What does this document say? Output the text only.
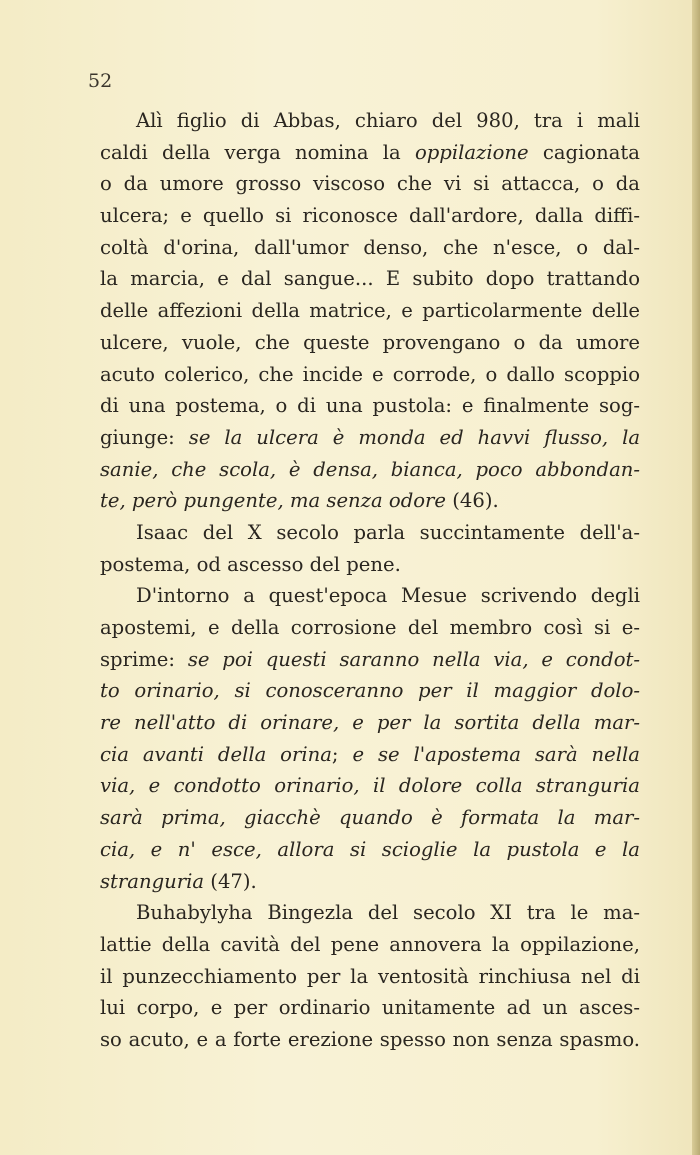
52
Alì figlio di Abbas, chiaro del 980, tra i mali
caldi della verga nomina la oppilazione cagionata
o da umore grosso viscoso che vi si attacca, o da
ulcera; e quello si riconosce dall'ardore, dalla diffi-
coltà d'orina, dall'umor denso, che n'esce, o dal-
la marcia, e dal sangue... E subito dopo trattando
delle affezioni della matrice, e particolarmente delle
ulcere, vuole, che queste provengano o da umore
acuto colerico, che incide e corrode, o dallo scoppio
di una postema, o di una pustola: e finalmente sog-
giunge: se la ulcera è monda ed havvi flusso, la
sanie, che scola, è densa, bianca, poco abbondan-
te, però pungente, ma senza odore (46).
Isaac del X secolo parla succintamente dell'a-
postema, od ascesso del pene.
D'intorno a quest'epoca Mesue scrivendo degli
apostemi, e della corrosione del membro così si e-
sprime: se poi questi saranno nella via, e condot-
to orinario, si conosceranno per il maggior dolo-
re nell'atto di orinare, e per la sortita della mar-
cia avanti della orina; e se l'apostema sarà nella
via, e condotto orinario, il dolore colla stranguria
sarà prima, giacchè quando è formata la mar-
cia, e n' esce, allora si scioglie la pustola e la
stranguria (47).
Buhabylyha Bingezla del secolo XI tra le ma-
lattie della cavità del pene annovera la oppilazione,
il punzecchiamento per la ventosità rinchiusa nel di
lui corpo, e per ordinario unitamente ad un asces-
so acuto, e a forte erezione spesso non senza spasmo.
